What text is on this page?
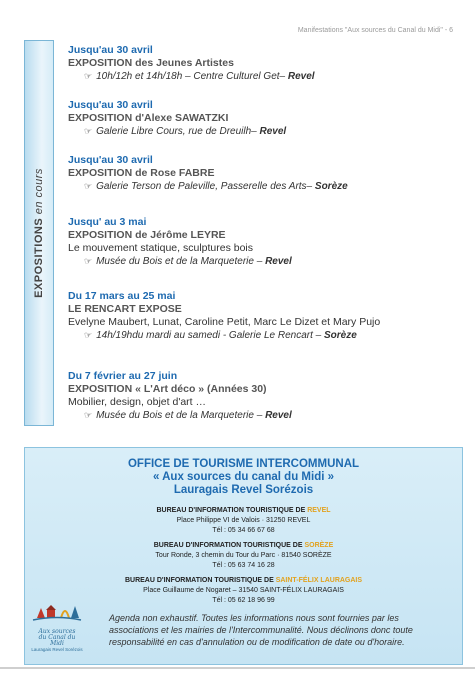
Manifestations "Aux sources du Canal du Midi" - 6
EXPOSITIONS en cours
Jusqu'au 30 avril
EXPOSITION des Jeunes Artistes
☞ 10h/12h et 14h/18h – Centre Culturel Get– Revel
Jusqu'au 30 avril
EXPOSITION d'Alexe SAWATZKI
☞ Galerie Libre Cours, rue de Dreuilh– Revel
Jusqu'au 30 avril
EXPOSITION de Rose FABRE
☞ Galerie Terson de Paleville, Passerelle des Arts– Sorèze
Jusqu' au 3 mai
EXPOSITION de Jérôme LEYRE
Le mouvement statique, sculptures bois
☞ Musée du Bois et de la Marqueterie – Revel
Du 17 mars au 25 mai
LE RENCART EXPOSE
Evelyne Maubert, Lunat, Caroline Petit, Marc Le Dizet et Mary Pujo
☞ 14h/19hdu mardi au samedi - Galerie Le Rencart – Sorèze
Du 7 février au 27 juin
EXPOSITION « L'Art déco » (Années 30)
Mobilier, design, objet d'art …
☞ Musée du Bois et de la Marqueterie – Revel
OFFICE DE TOURISME INTERCOMMUNAL
« Aux sources du canal du Midi »
Lauragais Revel Sorézois
BUREAU D'INFORMATION TOURISTIQUE DE REVEL
Place Philippe VI de Valois · 31250 REVEL
Tél : 05 34 66 67 68
BUREAU D'INFORMATION TOURISTIQUE DE SORÈZE
Tour Ronde, 3 chemin du Tour du Parc · 81540 SORÈZE
Tél : 05 63 74 16 28
BUREAU D'INFORMATION TOURISTIQUE DE SAINT-FÉLIX LAURAGAIS
Place Guillaume de Nogaret – 31540 SAINT-FÉLIX LAURAGAIS
Tél : 05 62 18 96 99
Aux sources
du Canal du Midi
Lauragais Revel Sorézois
Agenda non exhaustif. Toutes les informations nous sont fournies par les associations et les mairies de l'Intercommunalité. Nous déclinons donc toute responsabilité en cas d'annulation ou de modification de date ou d'horaire.
